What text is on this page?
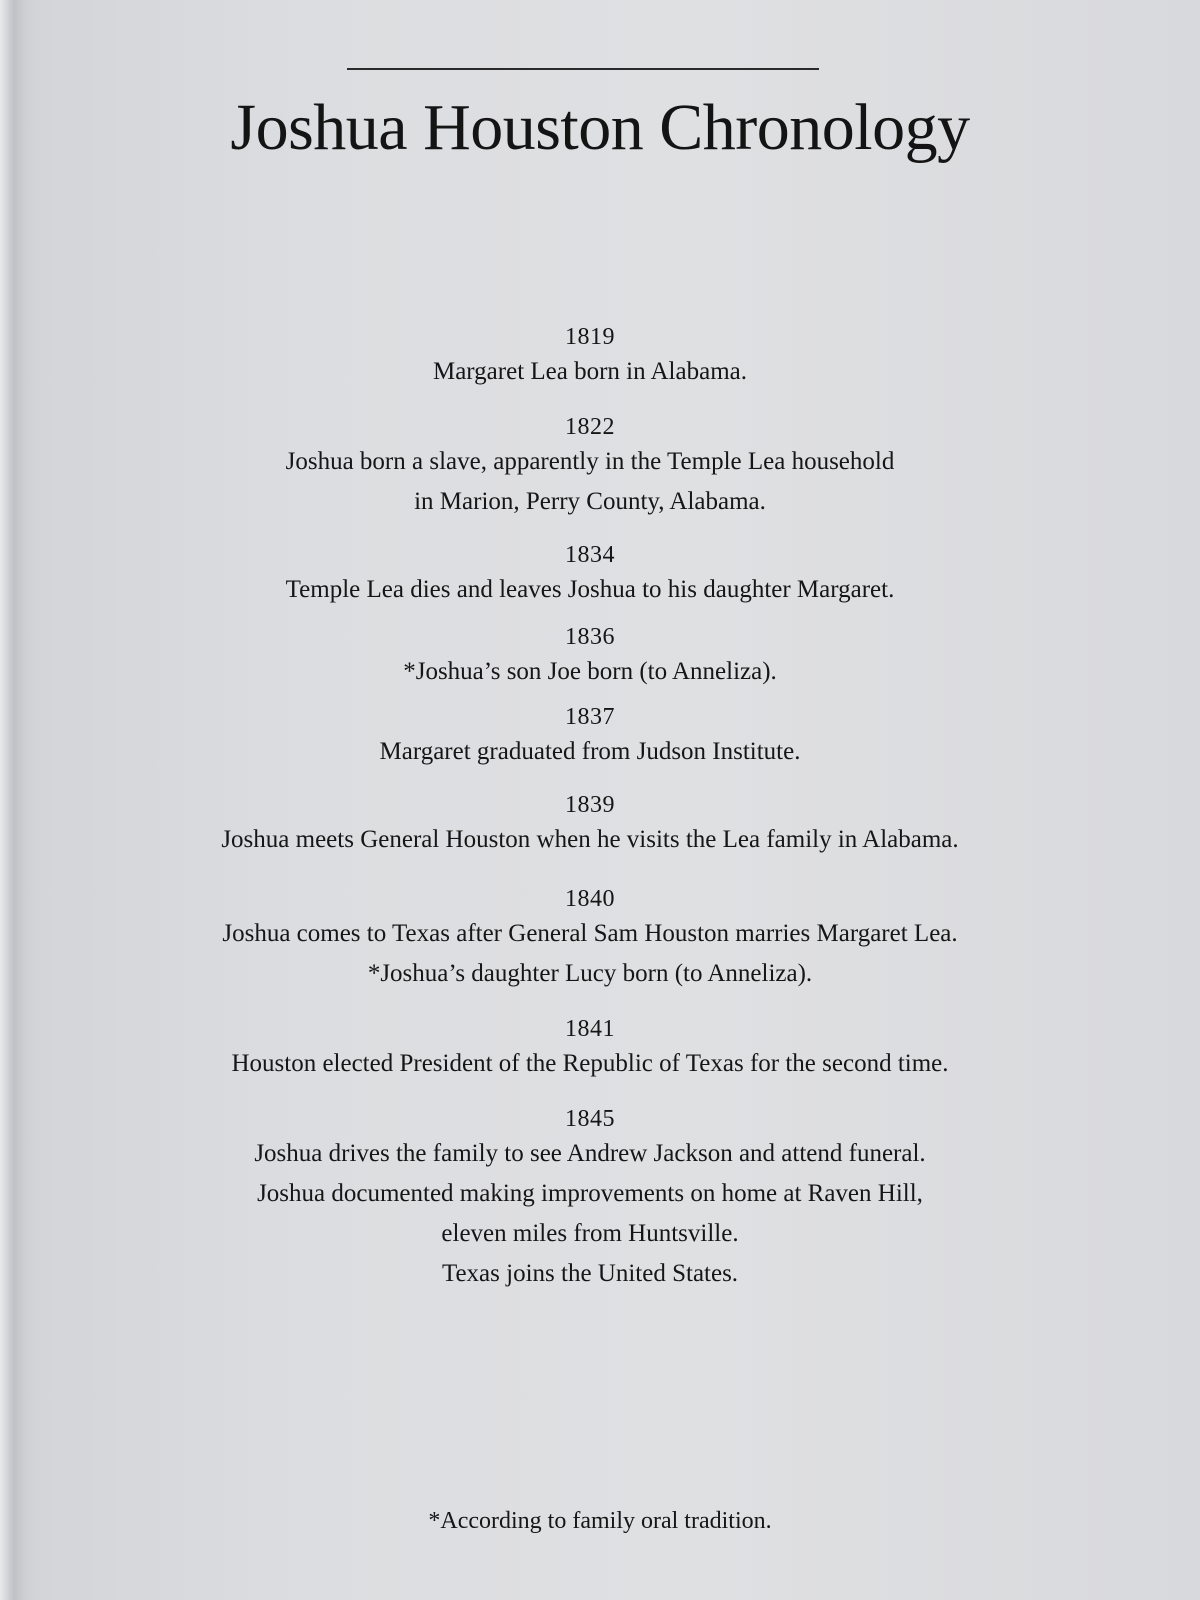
Joshua Houston Chronology
1819
Margaret Lea born in Alabama.
1822
Joshua born a slave, apparently in the Temple Lea household
in Marion, Perry County, Alabama.
1834
Temple Lea dies and leaves Joshua to his daughter Margaret.
1836
*Joshua’s son Joe born (to Anneliza).
1837
Margaret graduated from Judson Institute.
1839
Joshua meets General Houston when he visits the Lea family in Alabama.
1840
Joshua comes to Texas after General Sam Houston marries Margaret Lea.
*Joshua’s daughter Lucy born (to Anneliza).
1841
Houston elected President of the Republic of Texas for the second time.
1845
Joshua drives the family to see Andrew Jackson and attend funeral.
Joshua documented making improvements on home at Raven Hill,
eleven miles from Huntsville.
Texas joins the United States.
*According to family oral tradition.
